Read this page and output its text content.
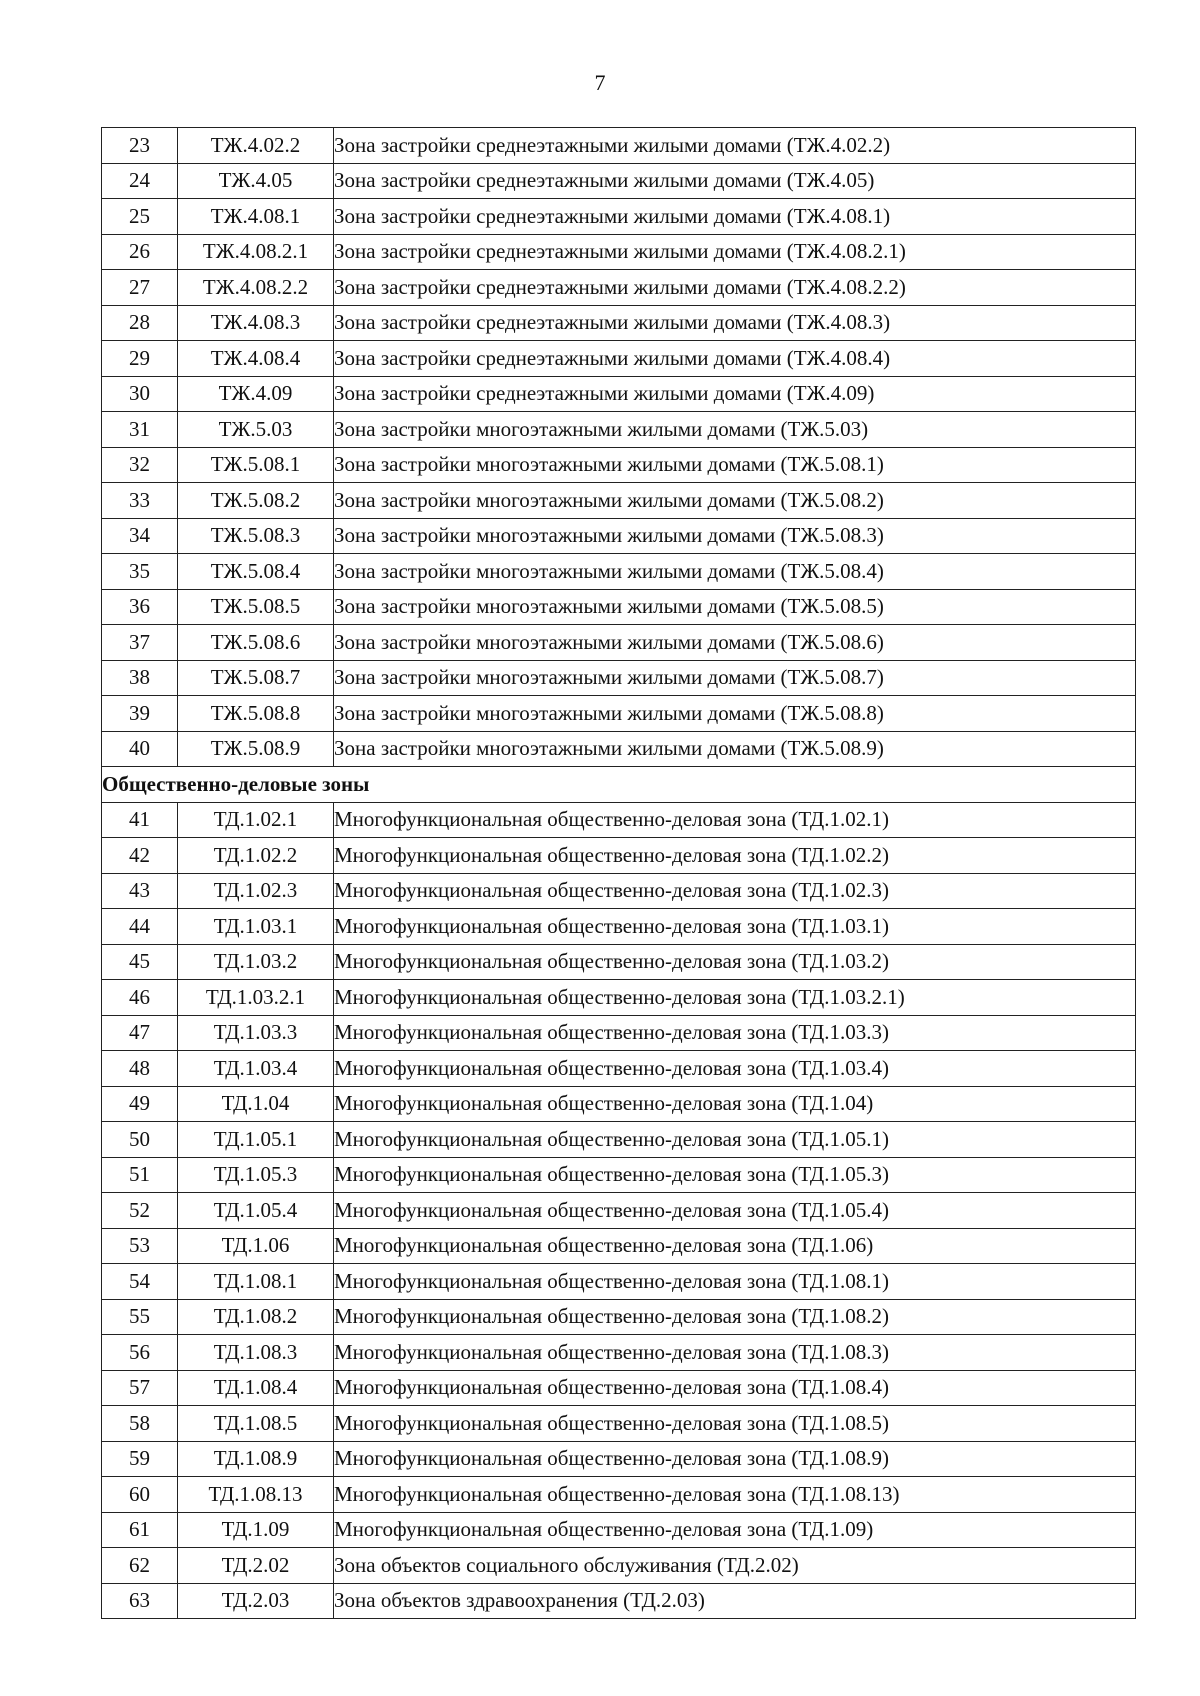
7
23	ТЖ.4.02.2	Зона застройки среднеэтажными жилыми домами (ТЖ.4.02.2)
24	ТЖ.4.05	Зона застройки среднеэтажными жилыми домами (ТЖ.4.05)
25	ТЖ.4.08.1	Зона застройки среднеэтажными жилыми домами (ТЖ.4.08.1)
26	ТЖ.4.08.2.1	Зона застройки среднеэтажными жилыми домами (ТЖ.4.08.2.1)
27	ТЖ.4.08.2.2	Зона застройки среднеэтажными жилыми домами (ТЖ.4.08.2.2)
28	ТЖ.4.08.3	Зона застройки среднеэтажными жилыми домами (ТЖ.4.08.3)
29	ТЖ.4.08.4	Зона застройки среднеэтажными жилыми домами (ТЖ.4.08.4)
30	ТЖ.4.09	Зона застройки среднеэтажными жилыми домами (ТЖ.4.09)
31	ТЖ.5.03	Зона застройки многоэтажными жилыми домами (ТЖ.5.03)
32	ТЖ.5.08.1	Зона застройки многоэтажными жилыми домами (ТЖ.5.08.1)
33	ТЖ.5.08.2	Зона застройки многоэтажными жилыми домами (ТЖ.5.08.2)
34	ТЖ.5.08.3	Зона застройки многоэтажными жилыми домами (ТЖ.5.08.3)
35	ТЖ.5.08.4	Зона застройки многоэтажными жилыми домами (ТЖ.5.08.4)
36	ТЖ.5.08.5	Зона застройки многоэтажными жилыми домами (ТЖ.5.08.5)
37	ТЖ.5.08.6	Зона застройки многоэтажными жилыми домами (ТЖ.5.08.6)
38	ТЖ.5.08.7	Зона застройки многоэтажными жилыми домами (ТЖ.5.08.7)
39	ТЖ.5.08.8	Зона застройки многоэтажными жилыми домами (ТЖ.5.08.8)
40	ТЖ.5.08.9	Зона застройки многоэтажными жилыми домами (ТЖ.5.08.9)
Общественно-деловые зоны		
41	ТД.1.02.1	Многофункциональная общественно-деловая зона (ТД.1.02.1)
42	ТД.1.02.2	Многофункциональная общественно-деловая зона (ТД.1.02.2)
43	ТД.1.02.3	Многофункциональная общественно-деловая зона (ТД.1.02.3)
44	ТД.1.03.1	Многофункциональная общественно-деловая зона (ТД.1.03.1)
45	ТД.1.03.2	Многофункциональная общественно-деловая зона (ТД.1.03.2)
46	ТД.1.03.2.1	Многофункциональная общественно-деловая зона (ТД.1.03.2.1)
47	ТД.1.03.3	Многофункциональная общественно-деловая зона (ТД.1.03.3)
48	ТД.1.03.4	Многофункциональная общественно-деловая зона (ТД.1.03.4)
49	ТД.1.04	Многофункциональная общественно-деловая зона (ТД.1.04)
50	ТД.1.05.1	Многофункциональная общественно-деловая зона (ТД.1.05.1)
51	ТД.1.05.3	Многофункциональная общественно-деловая зона (ТД.1.05.3)
52	ТД.1.05.4	Многофункциональная общественно-деловая зона (ТД.1.05.4)
53	ТД.1.06	Многофункциональная общественно-деловая зона (ТД.1.06)
54	ТД.1.08.1	Многофункциональная общественно-деловая зона (ТД.1.08.1)
55	ТД.1.08.2	Многофункциональная общественно-деловая зона (ТД.1.08.2)
56	ТД.1.08.3	Многофункциональная общественно-деловая зона (ТД.1.08.3)
57	ТД.1.08.4	Многофункциональная общественно-деловая зона (ТД.1.08.4)
58	ТД.1.08.5	Многофункциональная общественно-деловая зона (ТД.1.08.5)
59	ТД.1.08.9	Многофункциональная общественно-деловая зона (ТД.1.08.9)
60	ТД.1.08.13	Многофункциональная общественно-деловая зона (ТД.1.08.13)
61	ТД.1.09	Многофункциональная общественно-деловая зона (ТД.1.09)
62	ТД.2.02	Зона объектов социального обслуживания (ТД.2.02)
63	ТД.2.03	Зона объектов здравоохранения (ТД.2.03)
